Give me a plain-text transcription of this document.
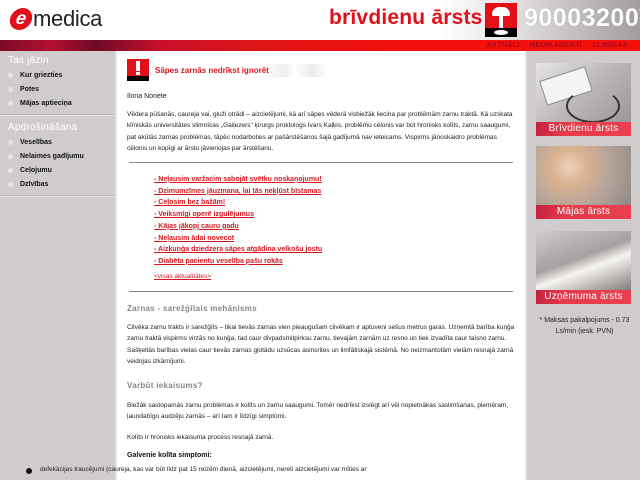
e medica	brīvdienu ārsts 90003200
AKTUĀLI MEDIKAMENTI SLIMĪBAS
Tas jāzin
Kur griezties
Potes
Mājas aptieciņa
Apdrošināšana
Veselības
Nelaimes gadījumu
Ceļojumu
Dzīvības
Sāpes zarnās nedrīkst ignorēt
Ilona Noriete
Vēdera pūšanās, caureja vai, gluži otrādi – aizcietējumi, kā arī sāpes vēderā visbiežāk liecina par problēmām zarnu traktā. Kā uzskata klīniskās universitātes slimnīcas „Gaiļezers" ķirurgs proktologs Ivars Kaļķis, problēmu cēlonis var būt hronisks kolīts, zarnu saaugumi, pat akūtās zarnas problēmas, tāpēc nodarboties ar pašārstēšanos šajā gadījumā nav ieteicams. Vispirms jānoskaidro problēmas cēlonis un kopīgi ar ārstu jāvienojas par ārstēšanu.
- Neļausim varžacim sabojāt svētku noskaņojumu!
- Dzimumzīmes jāuzmana, lai tās nekļūst bīstamas
- Ceļosim bez bažām!
- Veiksmīgi operē izgulējumus
- Kājas jākopj cauru gadu
- Neļausim ādai novecot
- Aizkuņģa dziedzera sāpes atgādina velkošu jostu
- Diabēta pacientu veselība pašu rokās
<visas aktualitātes>
Zarnas - sarežģītais mehānisms
Cilvēka zarnu trakts ir sarežģīts – tikai tievās zarnas vien pieaugušam cilvēkam ir aptuveni sešus metrus garas. Uzņemtā barība kuņģa zarnu traktā vispirms virzās no kuņģa, tad caur divpadsmitpirksu zarnu, tievajām zarnām uz resno un tiek izvadīta caur taisno zarnu. Sašķeltās barības vielas caur tievās zarnas gļotādu uzsūcas asinsrites un limfātiskajā sistēmā. No neizmantotām vielām resnajā zarnā veidojas izkārnījumi.
Varbūt iekaisums?
Biežāk sastopamās zarnu problēmas ir kolīts un zarnu saaugumi. Tomēr nedrīkst izslēgt arī vēl nopietnākas saslimšanas, piemēram, ļaundabīgo audzēju zarnās – arī tam ir līdzīgi simptomi.
Kolīts ir hronisks iekaisuma process resnajā zarnā.
Galvenie kolīta simptomi:
defekācijas traucējumi (caureja, kas var būt līdz pat 15 reizēm dienā, aizcietējumi, nereti aizcietējumi var mīties ar
Brīvdienu ārsts
Mājas ārsts
Uzņēmuma ārsts
* Maksas pakalpojums - 0.73 Ls/min (iesk. PVN)
